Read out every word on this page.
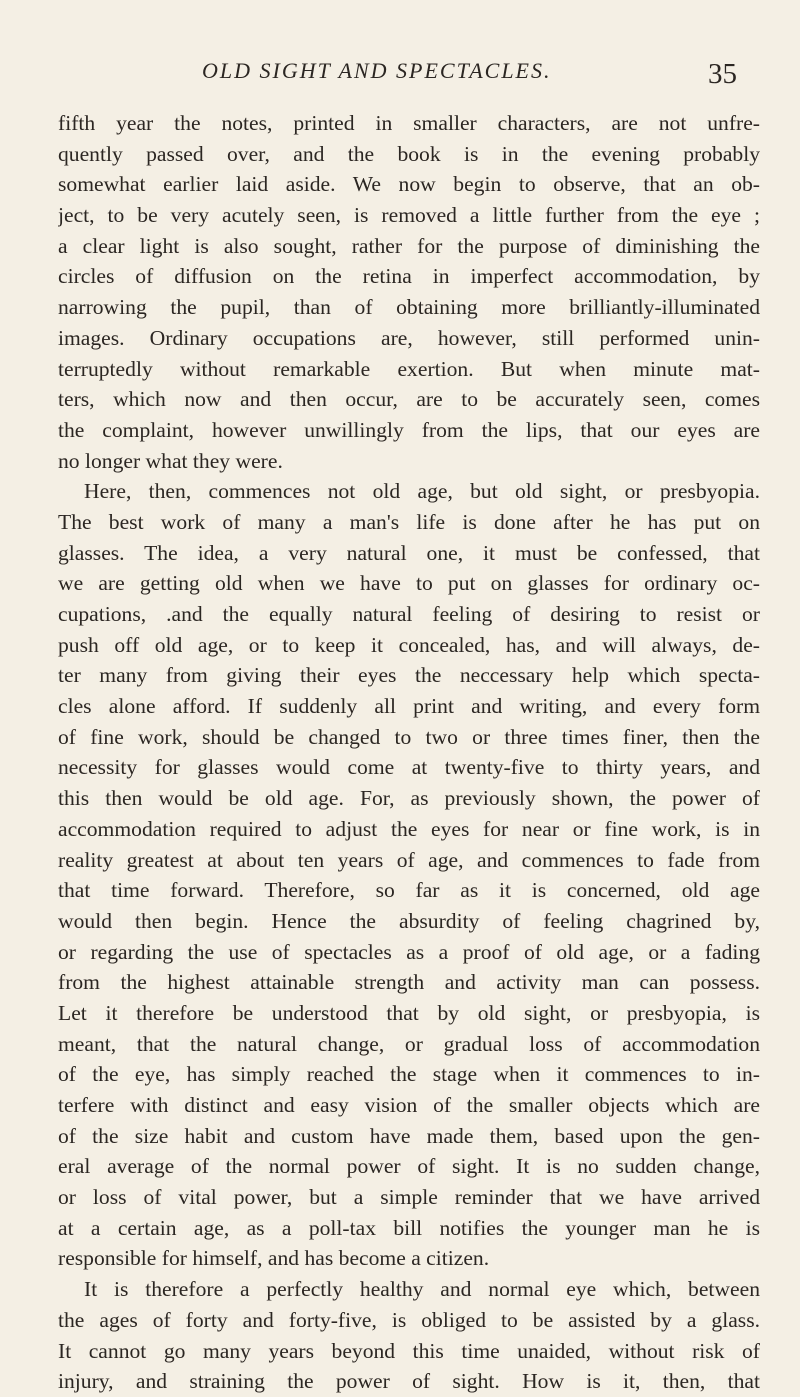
OLD SIGHT AND SPECTACLES.	35
fifth year the notes, printed in smaller characters, are not unfre-
quently passed over, and the book is in the evening probably
somewhat earlier laid aside. We now begin to observe, that an ob-
ject, to be very acutely seen, is removed a little further from the eye ;
a clear light is also sought, rather for the purpose of diminishing the
circles of diffusion on the retina in imperfect accommodation, by
narrowing the pupil, than of obtaining more brilliantly-illuminated
images. Ordinary occupations are, however, still performed unin-
terruptedly without remarkable exertion. But when minute mat-
ters, which now and then occur, are to be accurately seen, comes
the complaint, however unwillingly from the lips, that our eyes are
no longer what they were.
Here, then, commences not old age, but old sight, or presbyopia.
The best work of many a man's life is done after he has put on
glasses. The idea, a very natural one, it must be confessed, that
we are getting old when we have to put on glasses for ordinary oc-
cupations, .and the equally natural feeling of desiring to resist or
push off old age, or to keep it concealed, has, and will always, de-
ter many from giving their eyes the neccessary help which specta-
cles alone afford. If suddenly all print and writing, and every form
of fine work, should be changed to two or three times finer, then the
necessity for glasses would come at twenty-five to thirty years, and
this then would be old age. For, as previously shown, the power of
accommodation required to adjust the eyes for near or fine work, is in
reality greatest at about ten years of age, and commences to fade from
that time forward. Therefore, so far as it is concerned, old age
would then begin. Hence the absurdity of feeling chagrined by,
or regarding the use of spectacles as a proof of old age, or a fading
from the highest attainable strength and activity man can possess.
Let it therefore be understood that by old sight, or presbyopia, is
meant, that the natural change, or gradual loss of accommodation
of the eye, has simply reached the stage when it commences to in-
terfere with distinct and easy vision of the smaller objects which are
of the size habit and custom have made them, based upon the gen-
eral average of the normal power of sight. It is no sudden change,
or loss of vital power, but a simple reminder that we have arrived
at a certain age, as a poll-tax bill notifies the younger man he is
responsible for himself, and has become a citizen.
It is therefore a perfectly healthy and normal eye which, between
the ages of forty and forty-five, is obliged to be assisted by a glass.
It cannot go many years beyond this time unaided, without risk of
injury, and straining the power of sight. How is it, then, that
